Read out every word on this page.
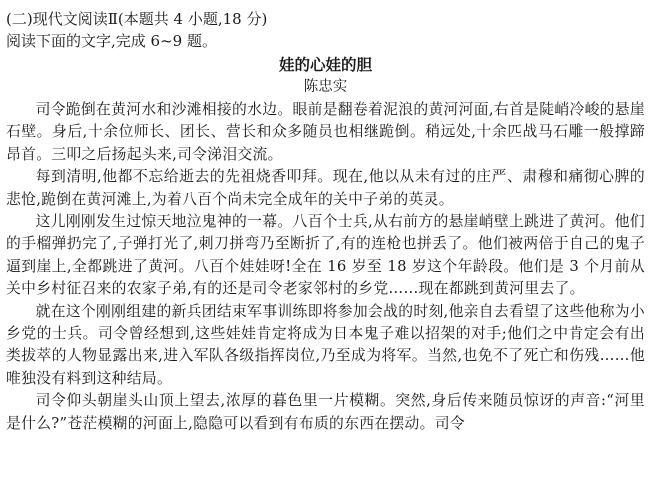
(二)现代文阅读Ⅱ(本题共 4 小题,18 分)

阅读下面的文字,完成 6~9 题。

娃的心娃的胆
陈忠实

司令跪倒在黄河水和沙滩相接的水边。眼前是翻卷着泥浪的黄河河面,右首是陡峭冷峻的悬崖石壁。身后,十余位师长、团长、营长和众多随员也相继跪倒。稍远处,十余匹战马石雕一般撑蹄昂首。三叩之后扬起头来,司令涕泪交流。

每到清明,他都不忘给逝去的先祖烧香叩拜。现在,他以从未有过的庄严、肃穆和痛彻心脾的悲怆,跪倒在黄河滩上,为着八百个尚未完全成年的关中子弟的英灵。

这儿刚刚发生过惊天地泣鬼神的一幕。八百个士兵,从右前方的悬崖峭壁上跳进了黄河。他们的手榴弹扔完了,子弹打光了,刺刀拼弯乃至断折了,有的连枪也拼丢了。他们被两倍于自己的鬼子逼到崖上,全都跳进了黄河。八百个娃娃呀!全在 16 岁至 18 岁这个年龄段。他们是 3 个月前从关中乡村征召来的农家子弟,有的还是司令老家邻村的乡党……现在都跳到黄河里去了。

就在这个刚刚组建的新兵团结束军事训练即将参加会战的时刻,他亲自去看望了这些他称为小乡党的士兵。司令曾经想到,这些娃娃肯定将成为日本鬼子难以招架的对手;他们之中肯定会有出类拔萃的人物显露出来,进入军队各级指挥岗位,乃至成为将军。当然,也免不了死亡和伤残……他唯独没有料到这种结局。

司令仰头朝崖头山顶上望去,浓厚的暮色里一片模糊。突然,身后传来随员惊讶的声音:“河里是什么?”苍茫模糊的河面上,隐隐可以看到有布质的东西在摆动。司令
